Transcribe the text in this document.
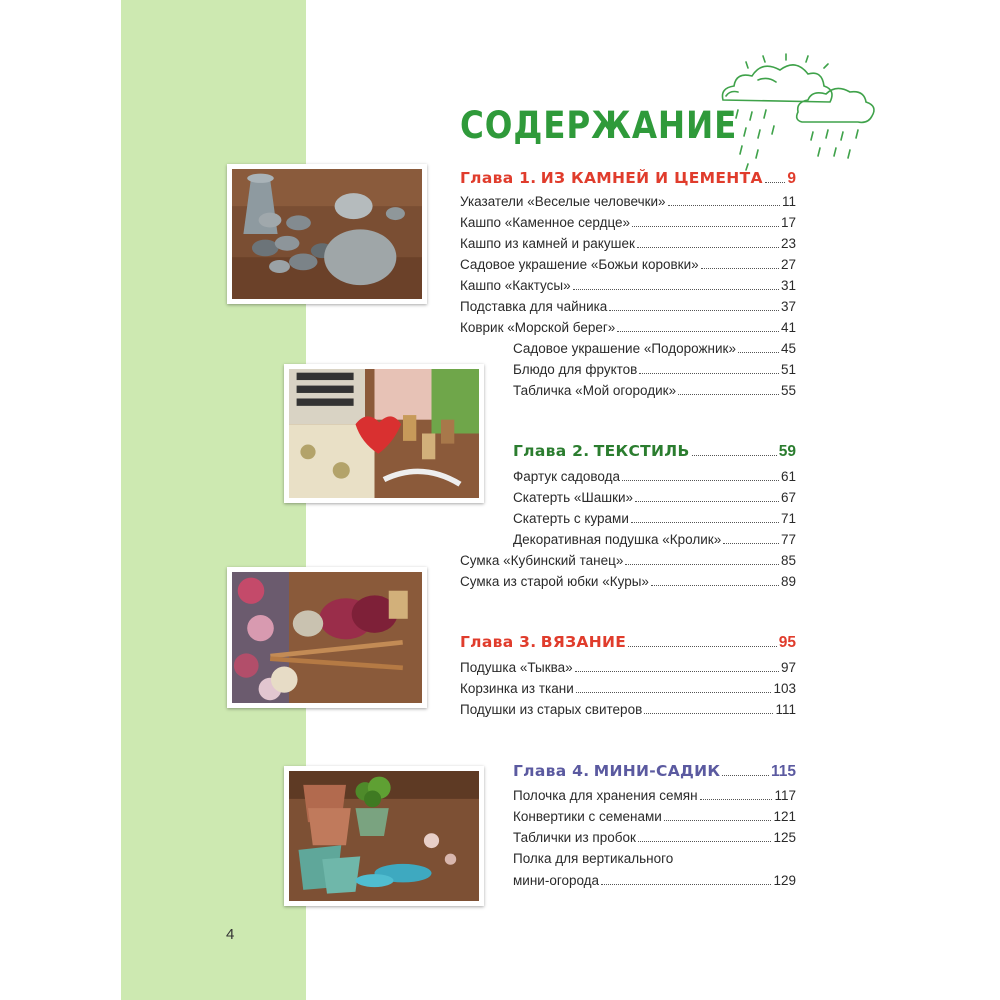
СОДЕРЖАНИЕ
Глава 1. ИЗ КАМНЕЙ И ЦЕМЕНТА 9
Указатели «Веселые человечки»	11
Кашпо «Каменное сердце»	17
Кашпо из камней и ракушек	23
Садовое украшение «Божьи коровки»	27
Кашпо «Кактусы»	31
Подставка для чайника	37
Коврик «Морской берег»	41
Садовое украшение «Подорожник»	45
Блюдо для фруктов	51
Табличка «Мой огородик»	55
Глава 2. ТЕКСТИЛЬ	59
Фартук садовода	61
Скатерть «Шашки»	67
Скатерть с курами	71
Декоративная подушка «Кролик»	77
Сумка «Кубинский танец»	85
Сумка из старой юбки «Куры»	89
Глава 3. ВЯЗАНИЕ	95
Подушка «Тыква»	97
Корзинка из ткани	103
Подушки из старых свитеров	111
Глава 4. МИНИ-САДИК	115
Полочка для хранения семян	117
Конвертики с семенами	121
Таблички из пробок	125
Полка для вертикального
мини-огорода	129
4
